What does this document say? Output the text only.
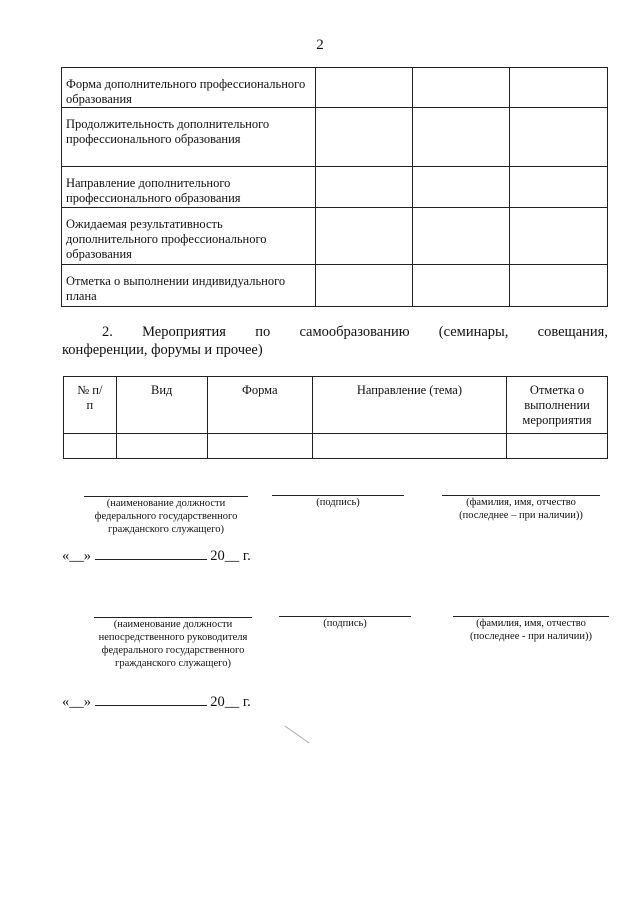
2
Форма дополнительного профессионального образования			
Продолжительность дополнительного профессионального образования			
Направление дополнительного профессионального образования			
Ожидаемая результативность дополнительного профессионального образования			
Отметка о выполнении индивидуального плана			
2. Мероприятия по самообразованию (семинары, совещания,
конференции, форумы и прочее)
№ п/п	Вид	Форма	Направление (тема)	Отметка о выполнении мероприятия

(наименование должности федерального государственного гражданского служащего)
(подпись)	(фамилия, имя, отчество (последнее – при наличии))
«__»	20__ г.
(наименование должности непосредственного руководителя федерального государственного гражданского служащего)
(подпись)	(фамилия, имя, отчество (последнее - при наличии))
«__»	20__ г.
